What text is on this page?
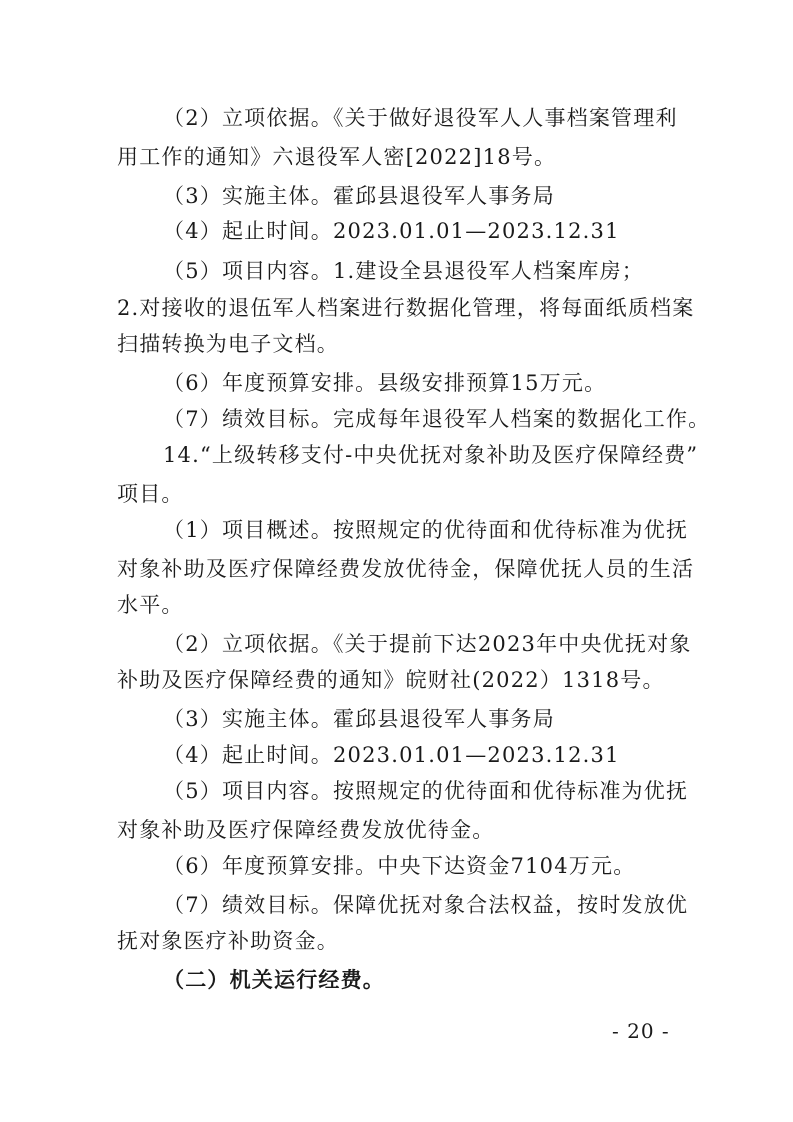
（2）立项依据。《关于做好退役军人人事档案管理利
用工作的通知》六退役军人密[2022]18号。
（3）实施主体。霍邱县退役军人事务局
（4）起止时间。2023.01.01—2023.12.31
（5）项目内容。1.建设全县退役军人档案库房；
2.对接收的退伍军人档案进行数据化管理，将每面纸质档案
扫描转换为电子文档。
（6）年度预算安排。县级安排预算15万元。
（7）绩效目标。完成每年退役军人档案的数据化工作。
14.“上级转移支付-中央优抚对象补助及医疗保障经费”
项目。
（1）项目概述。按照规定的优待面和优待标准为优抚
对象补助及医疗保障经费发放优待金，保障优抚人员的生活
水平。
（2）立项依据。《关于提前下达2023年中央优抚对象
补助及医疗保障经费的通知》皖财社(2022）1318号。
（3）实施主体。霍邱县退役军人事务局
（4）起止时间。2023.01.01—2023.12.31
（5）项目内容。按照规定的优待面和优待标准为优抚
对象补助及医疗保障经费发放优待金。
（6）年度预算安排。中央下达资金7104万元。
（7）绩效目标。保障优抚对象合法权益，按时发放优
抚对象医疗补助资金。
（二）机关运行经费。
- 20 -
